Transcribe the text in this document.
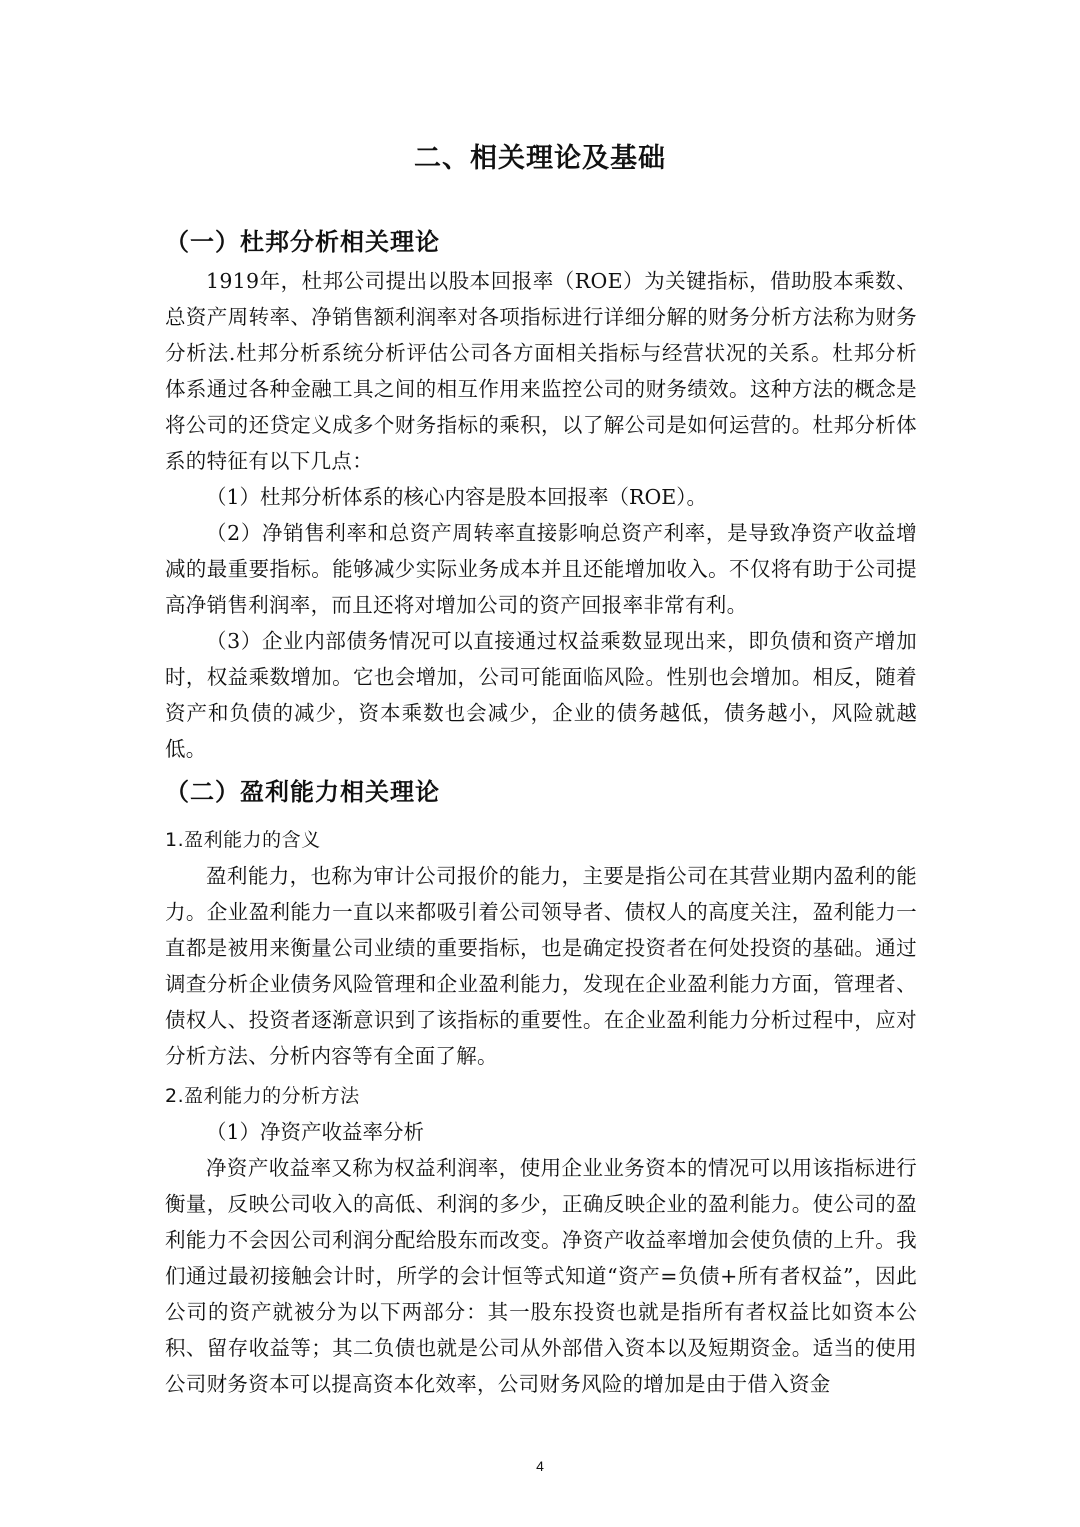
二、相关理论及基础
（一）杜邦分析相关理论

1919年，杜邦公司提出以股本回报率（ROE）为关键指标，借助股本乘数、总资产周转率、净销售额利润率对各项指标进行详细分解的财务分析方法称为财务分析法.杜邦分析系统分析评估公司各方面相关指标与经营状况的关系。杜邦分析体系通过各种金融工具之间的相互作用来监控公司的财务绩效。这种方法的概念是将公司的还贷定义成多个财务指标的乘积，以了解公司是如何运营的。杜邦分析体系的特征有以下几点：

（1）杜邦分析体系的核心内容是股本回报率（ROE）。

（2）净销售利率和总资产周转率直接影响总资产利率，是导致净资产收益增减的最重要指标。能够减少实际业务成本并且还能增加收入。不仅将有助于公司提高净销售利润率，而且还将对增加公司的资产回报率非常有利。

（3）企业内部债务情况可以直接通过权益乘数显现出来，即负债和资产增加时，权益乘数增加。它也会增加，公司可能面临风险。性别也会增加。相反，随着资产和负债的减少，资本乘数也会减少，企业的债务越低，债务越小，风险就越低。

（二）盈利能力相关理论
1.盈利能力的含义

盈利能力，也称为审计公司报价的能力，主要是指公司在其营业期内盈利的能力。企业盈利能力一直以来都吸引着公司领导者、债权人的高度关注，盈利能力一直都是被用来衡量公司业绩的重要指标，也是确定投资者在何处投资的基础。通过调查分析企业债务风险管理和企业盈利能力，发现在企业盈利能力方面，管理者、债权人、投资者逐渐意识到了该指标的重要性。在企业盈利能力分析过程中，应对分析方法、分析内容等有全面了解。

2.盈利能力的分析方法
（1）净资产收益率分析

净资产收益率又称为权益利润率，使用企业业务资本的情况可以用该指标进行衡量，反映公司收入的高低、利润的多少，正确反映企业的盈利能力。使公司的盈利能力不会因公司利润分配给股东而改变。净资产收益率增加会使负债的上升。我们通过最初接触会计时，所学的会计恒等式知道“资产=负债+所有者权益”，因此公司的资产就被分为以下两部分：其一股东投资也就是指所有者权益比如资本公积、留存收益等；其二负债也就是公司从外部借入资本以及短期资金。适当的使用公司财务资本可以提高资本化效率，公司财务风险的增加是由于借入资金

4
